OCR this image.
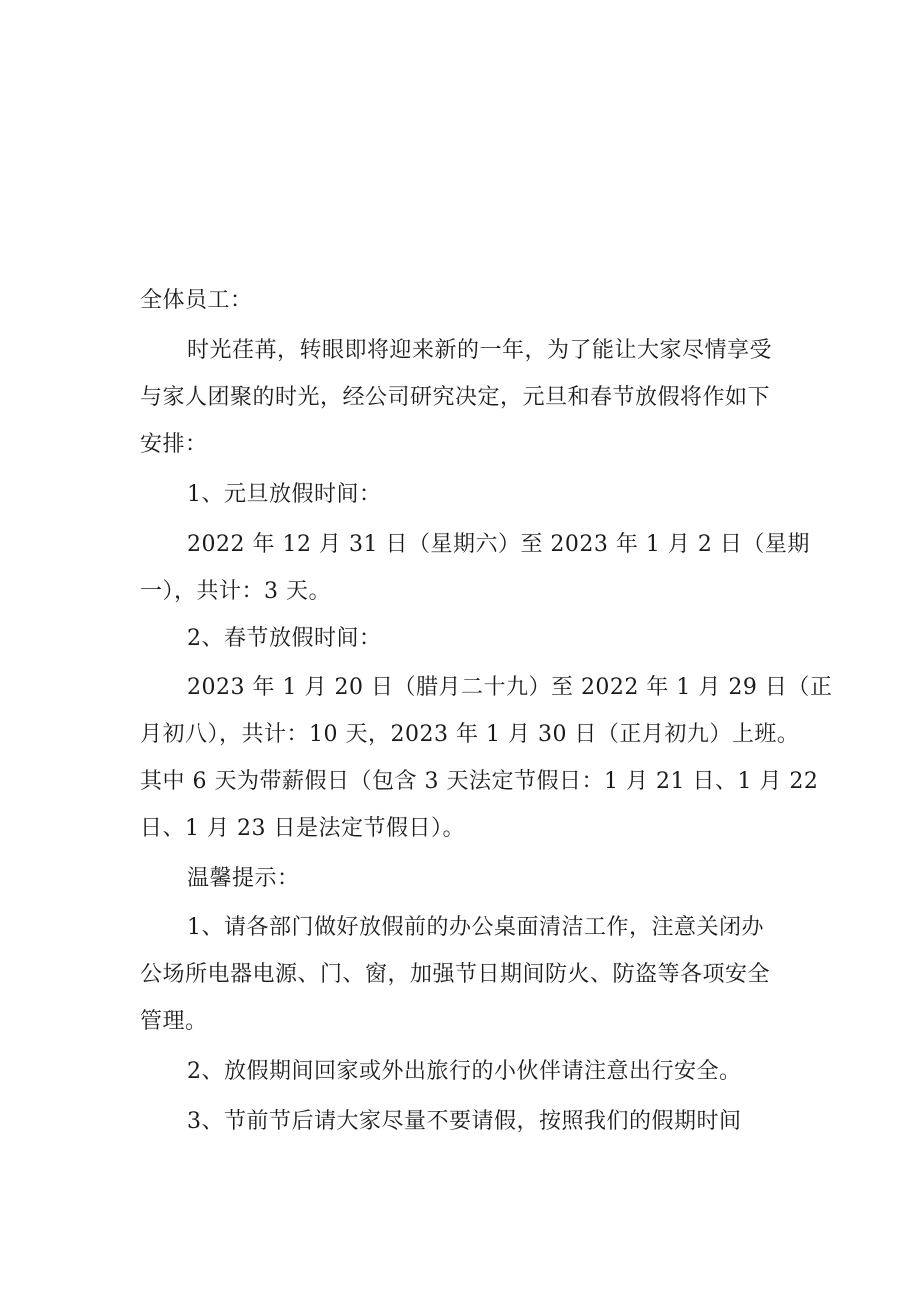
全体员工：
时光荏苒，转眼即将迎来新的一年，为了能让大家尽情享受
与家人团聚的时光，经公司研究决定，元旦和春节放假将作如下
安排：
1、元旦放假时间：
2022 年 12 月 31 日（星期六）至 2023 年 1 月 2 日（星期
一），共计：3 天。
2、春节放假时间：
2023 年 1 月 20 日（腊月二十九）至 2022 年 1 月 29 日（正
月初八），共计：10 天，2023 年 1 月 30 日（正月初九）上班。
其中 6 天为带薪假日（包含 3 天法定节假日：1 月 21 日、1 月 22
日、1 月 23 日是法定节假日）。
温馨提示：
1、请各部门做好放假前的办公桌面清洁工作，注意关闭办
公场所电器电源、门、窗，加强节日期间防火、防盗等各项安全
管理。
2、放假期间回家或外出旅行的小伙伴请注意出行安全。
3、节前节后请大家尽量不要请假，按照我们的假期时间
